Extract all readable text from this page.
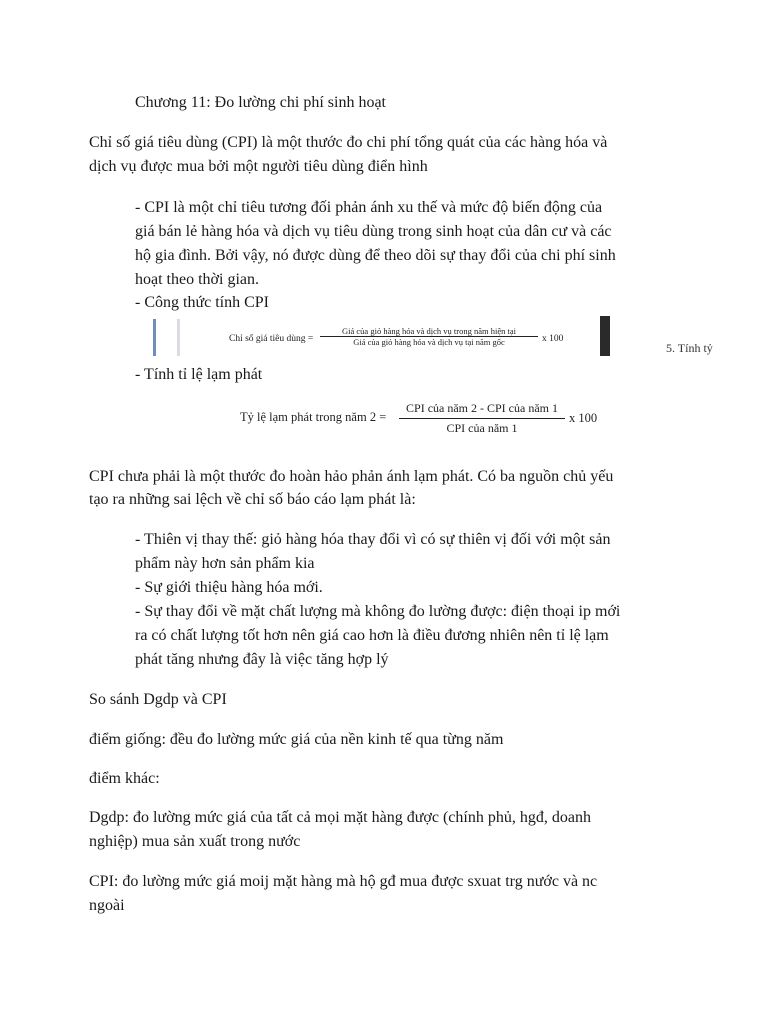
Chương 11: Đo lường chi phí sinh hoạt
Chỉ số giá tiêu dùng (CPI) là một thước đo chi phí tổng quát của các hàng hóa và
dịch vụ được mua bởi một người tiêu dùng điển hình
- CPI là một chỉ tiêu tương đối phản ánh xu thế và mức độ biến động của
giá bán lẻ hàng hóa và dịch vụ tiêu dùng trong sinh hoạt của dân cư và các
hộ gia đình. Bởi vậy, nó được dùng để theo dõi sự thay đổi của chi phí sinh
hoạt theo thời gian.
- Công thức tính CPI
Chỉ số giá tiêu dùng =
Giá của giỏ hàng hóa và dịch vụ trong năm hiện tại
Giá của giỏ hàng hóa và dịch vụ tại năm gốc	x 100
5. Tính tỷ
- Tính tỉ lệ lạm phát
Tỷ lệ lạm phát trong năm 2 =
CPI của năm 2 - CPI của năm 1
CPI của năm 1
x 100
CPI chưa phải là một thước đo hoàn hảo phản ánh lạm phát. Có ba nguồn chủ yếu
tạo ra những sai lệch về chỉ số báo cáo lạm phát là:
- Thiên vị thay thế: giỏ hàng hóa thay đổi vì có sự thiên vị đối với một sản
phẩm này hơn sản phẩm kia
- Sự giới thiệu hàng hóa mới.
- Sự thay đổi về mặt chất lượng mà không đo lường được: điện thoại ip mới
ra có chất lượng tốt hơn nên giá cao hơn là điều đương nhiên nên tỉ lệ lạm
phát tăng nhưng đây là việc tăng hợp lý
So sánh Dgdp và CPI
điểm giống: đều đo lường mức giá của nền kinh tế qua từng năm
điểm khác:
Dgdp: đo lường mức giá của tất cả mọi mặt hàng được (chính phủ, hgđ, doanh
nghiệp) mua sản xuất trong nước
CPI: đo lường mức giá moij mặt hàng mà hộ gđ mua được sxuat trg nước và nc
ngoài
